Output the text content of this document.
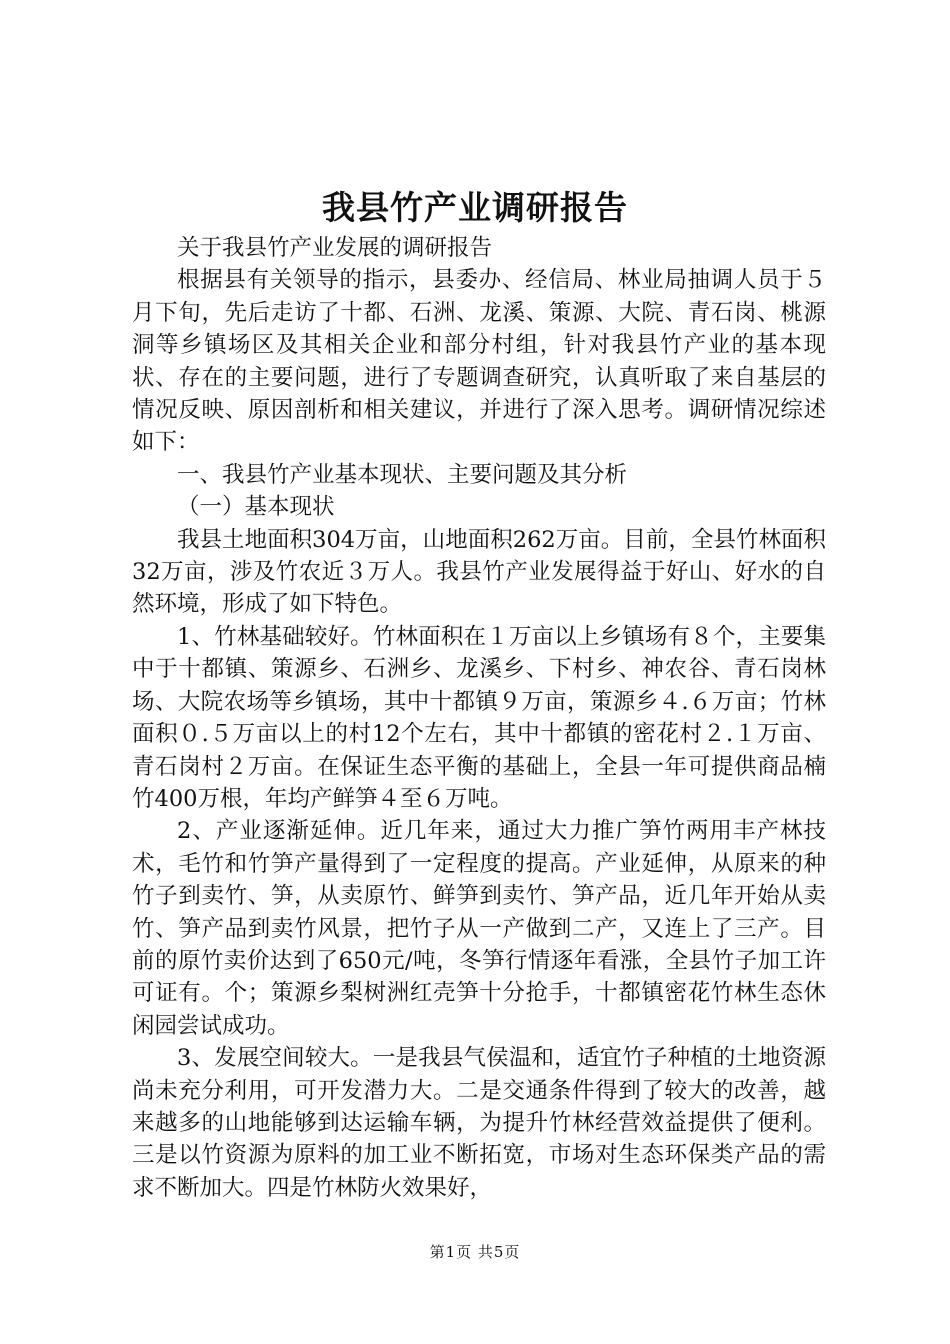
我县竹产业调研报告

关于我县竹产业发展的调研报告

根据县有关领导的指示，县委办、经信局、林业局抽调人员于５月下旬，先后走访了十都、石洲、龙溪、策源、大院、青石岗、桃源洞等乡镇场区及其相关企业和部分村组，针对我县竹产业的基本现状、存在的主要问题，进行了专题调查研究，认真听取了来自基层的情况反映、原因剖析和相关建议，并进行了深入思考。调研情况综述如下：

一、我县竹产业基本现状、主要问题及其分析

（一）基本现状

我县土地面积304万亩，山地面积262万亩。目前，全县竹林面积32万亩，涉及竹农近３万人。我县竹产业发展得益于好山、好水的自然环境，形成了如下特色。

1、竹林基础较好。竹林面积在１万亩以上乡镇场有８个，主要集中于十都镇、策源乡、石洲乡、龙溪乡、下村乡、神农谷、青石岗林场、大院农场等乡镇场，其中十都镇９万亩，策源乡４.６万亩；竹林面积０.５万亩以上的村12个左右，其中十都镇的密花村２.１万亩、青石岗村２万亩。在保证生态平衡的基础上，全县一年可提供商品楠竹400万根，年均产鲜笋４至６万吨。

2、产业逐渐延伸。近几年来，通过大力推广笋竹两用丰产林技术，毛竹和竹笋产量得到了一定程度的提高。产业延伸，从原来的种竹子到卖竹、笋，从卖原竹、鲜笋到卖竹、笋产品，近几年开始从卖竹、笋产品到卖竹风景，把竹子从一产做到二产，又连上了三产。目前的原竹卖价达到了650元/吨，冬笋行情逐年看涨，全县竹子加工许可证有。个；策源乡梨树洲红壳笋十分抢手，十都镇密花竹林生态休闲园尝试成功。

3、发展空间较大。一是我县气侯温和，适宜竹子种植的土地资源尚未充分利用，可开发潜力大。二是交通条件得到了较大的改善，越来越多的山地能够到达运输车辆，为提升竹林经营效益提供了便利。三是以竹资源为原料的加工业不断拓宽，市场对生态环保类产品的需求不断加大。四是竹林防火效果好，

第1页 共5页
